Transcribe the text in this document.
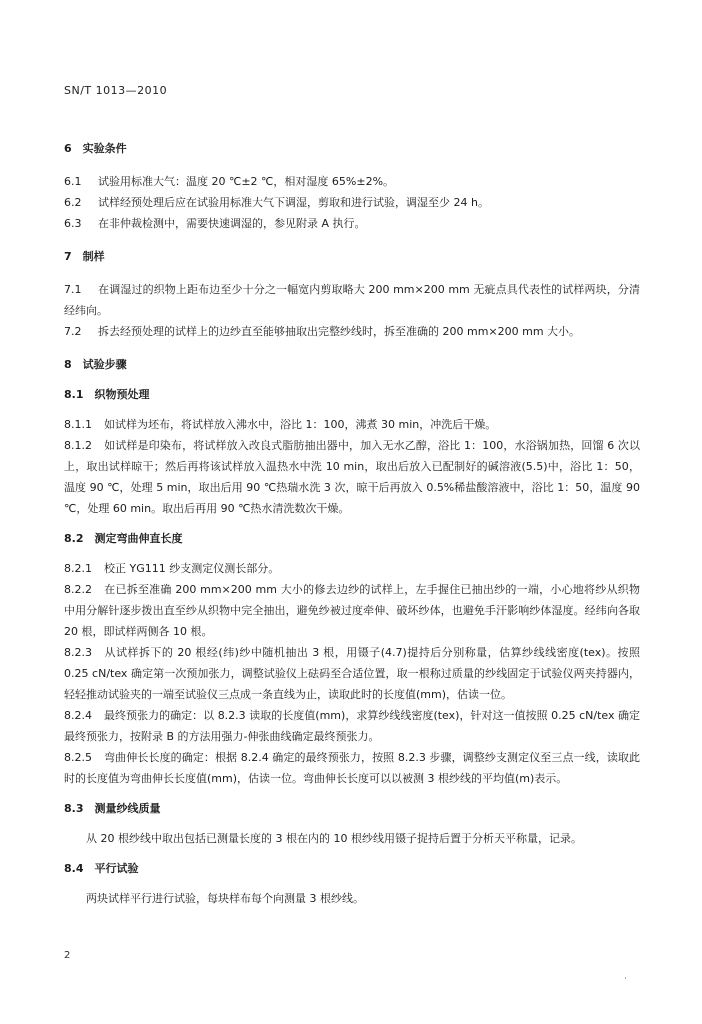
SN/T 1013—2010

6　实验条件

6.1 试验用标准大气：温度 20 ℃±2 ℃，相对湿度 65%±2%。

6.2 试样经预处理后应在试验用标准大气下调湿，剪取和进行试验，调湿至少 24 h。

6.3 在非仲裁检测中，需要快速调湿的，参见附录 A 执行。

7　制样

7.1 在调湿过的织物上距布边至少十分之一幅宽内剪取略大 200 mm×200 mm 无疵点具代表性的试样两块，分清经纬向。

7.2 拆去经预处理的试样上的边纱直至能够抽取出完整纱线时，拆至准确的 200 mm×200 mm 大小。

8　试验步骤

8.1　织物预处理

8.1.1 如试样为坯布，将试样放入沸水中，浴比 1：100，沸煮 30 min，冲洗后干燥。

8.1.2 如试样是印染布，将试样放入改良式脂肪抽出器中，加入无水乙醇，浴比 1：100，水浴锅加热，回馏 6 次以上，取出试样晾干；然后再将该试样放入温热水中洗 10 min，取出后放入已配制好的碱溶液(5.5)中，浴比 1：50，温度 90 ℃，处理 5 min，取出后用 90 ℃热瑞水洗 3 次，晾干后再放入 0.5%稀盐酸溶液中，浴比 1：50，温度 90 ℃，处理 60 min。取出后再用 90 ℃热水清洗数次干燥。

8.2　测定弯曲伸直长度

8.2.1 校正 YG111 纱支测定仪测长部分。

8.2.2 在已拆至准确 200 mm×200 mm 大小的修去边纱的试样上，左手握住已抽出纱的一端，小心地将纱从织物中用分解针逐步拨出直至纱从织物中完全抽出，避免纱被过度牵伸、破坏纱体，也避免手汗影响纱体湿度。经纬向各取 20 根，即试样两侧各 10 根。

8.2.3 从试样拆下的 20 根经(纬)纱中随机抽出 3 根，用镊子(4.7)提持后分别称量，估算纱线线密度(tex)。按照 0.25 cN/tex 确定第一次预加张力，调整试验仪上砝码至合适位置，取一根称过质量的纱线固定于试验仪两夹持器内，轻轻推动试验夹的一端至试验仪三点成一条直线为止，读取此时的长度值(mm)，估读一位。

8.2.4 最终预张力的确定：以 8.2.3 读取的长度值(mm)，求算纱线线密度(tex)，针对这一值按照 0.25 cN/tex 确定最终预张力，按附录 B 的方法用强力-伸张曲线确定最终预张力。

8.2.5 弯曲伸长长度的确定：根据 8.2.4 确定的最终预张力，按照 8.2.3 步骤，调整纱支测定仪至三点一线，读取此时的长度值为弯曲伸长长度值(mm)，估读一位。弯曲伸长长度可以以被测 3 根纱线的平均值(m)表示。

8.3　测量纱线质量

从 20 根纱线中取出包括已测量长度的 3 根在内的 10 根纱线用镊子捉持后置于分析天平称量，记录。

8.4　平行试验

两块试样平行进行试验，每块样布每个向测量 3 根纱线。

2
·
